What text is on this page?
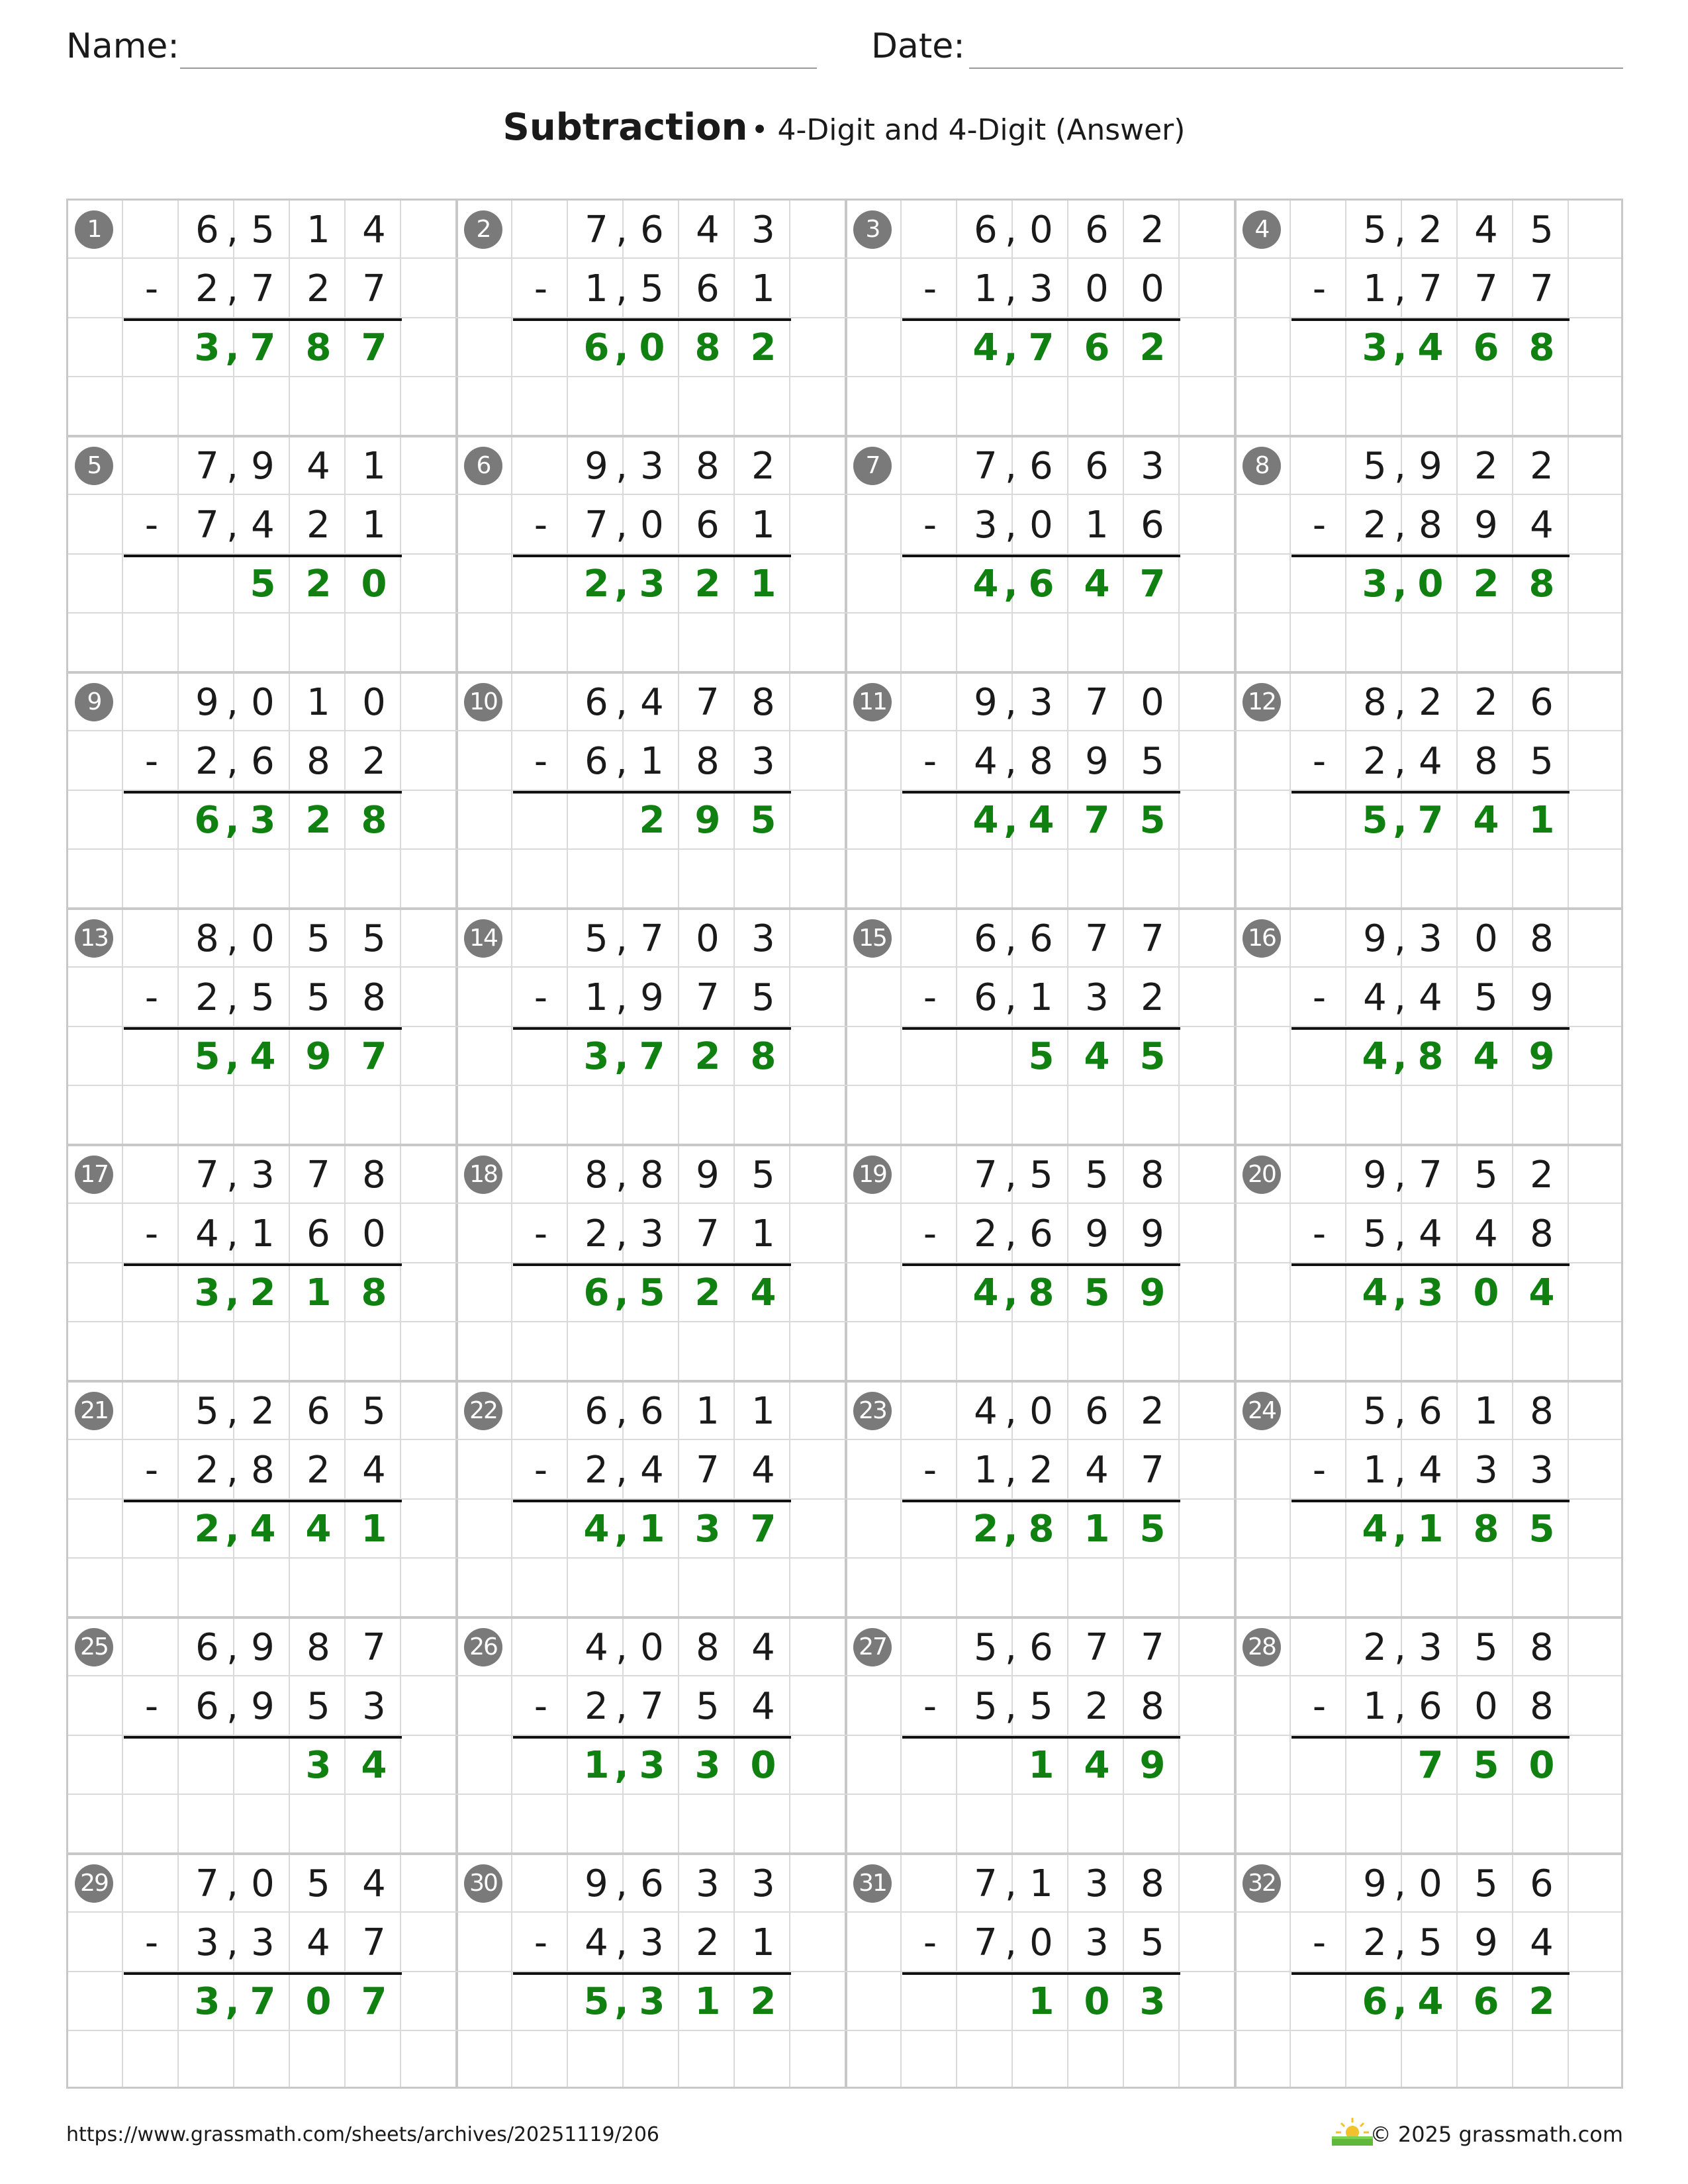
Name:	Date:
Subtraction • 4-Digit and 4-Digit (Answer)
1	6 5 1 4
,
-	2 7 2 7
,
3 7 8 7
,
2	7 6 4 3
,
-	1 5 6 1
,
6 0 8 2
,
3	6 0 6 2
,
-	1 3 0 0
,
4 7 6 2
,
4	5 2 4 5
,
-	1 7 7 7
,
3 4 6 8
,
5	7 9 4 1
,
-	7 4 2 1
,
5 2 0
6	9 3 8 2
,
-	7 0 6 1
,
2 3 2 1
,
7	7 6 6 3
,
-	3 0 1 6
,
4 6 4 7
,
8	5 9 2 2
,
-	2 8 9 4
,
3 0 2 8
,
9	9 0 1 0
,
-	2 6 8 2
,
6 3 2 8
,
10	6 4 7 8
,
-	6 1 8 3
,
2 9 5
11	9 3 7 0
,
-	4 8 9 5
,
4 4 7 5
,
12	8 2 2 6
,
-	2 4 8 5
,
5 7 4 1
,
13	8 0 5 5
,
-	2 5 5 8
,
5 4 9 7
,
14	5 7 0 3
,
-	1 9 7 5
,
3 7 2 8
,
15	6 6 7 7
,
-	6 1 3 2
,
5 4 5
16	9 3 0 8
,
-	4 4 5 9
,
4 8 4 9
,
17	7 3 7 8
,
-	4 1 6 0
,
3 2 1 8
,
18	8 8 9 5
,
-	2 3 7 1
,
6 5 2 4
,
19	7 5 5 8
,
-	2 6 9 9
,
4 8 5 9
,
20	9 7 5 2
,
-	5 4 4 8
,
4 3 0 4
,
21	5 2 6 5
,
-	2 8 2 4
,
2 4 4 1
,
22	6 6 1 1
,
-	2 4 7 4
,
4 1 3 7
,
23	4 0 6 2
,
-	1 2 4 7
,
2 8 1 5
,
24	5 6 1 8
,
-	1 4 3 3
,
4 1 8 5
,
25	6 9 8 7
,
-	6 9 5 3
,
3 4
26	4 0 8 4
,
-	2 7 5 4
,
1 3 3 0
,
27	5 6 7 7
,
-	5 5 2 8
,
1 4 9
28	2 3 5 8
,
-	1 6 0 8
,
7 5 0
29	7 0 5 4
,
-	3 3 4 7
,
3 7 0 7
,
30	9 6 3 3
,
-	4 3 2 1
,
5 3 1 2
,
31	7 1 3 8
,
-	7 0 3 5
,
1 0 3
32	9 0 5 6
,
-	2 5 9 4
,
6 4 6 2
,
https://www.grassmath.com/sheets/archives/20251119/206	© 2025 grassmath.com
